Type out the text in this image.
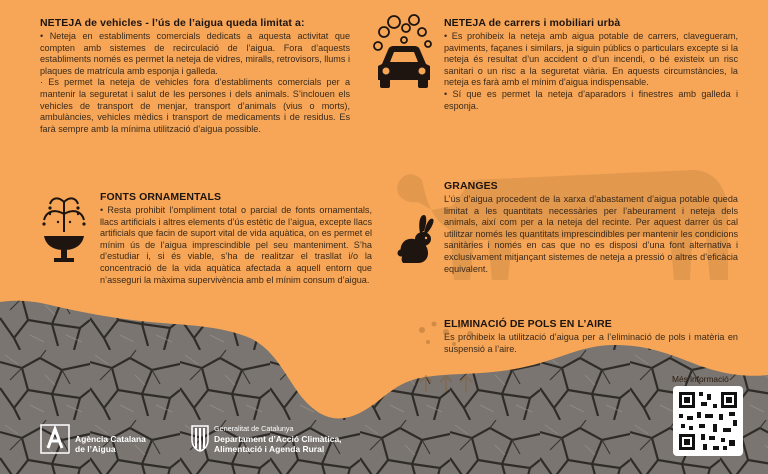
NETEJA de vehicles - l’ús de l’aigua queda limitat a:

• Neteja en establiments comercials dedicats a aquesta activitat que compten amb sistemes de recirculació de l’aigua. Fora d’aquests establiments només es permet la neteja de vidres, miralls, retrovisors, llums i plaques de matrícula amb esponja i galleda.

· Es permet la neteja de vehicles fora d’establiments comercials per a mantenir la seguretat i salut de les persones i dels animals. S’inclouen els vehicles de transport de menjar, transport d’animals (vius o morts), ambulàncies, vehicles mèdics i transport de medicaments i de residus. Es farà sempre amb la mínima utilització d’aigua possible.

FONTS ORNAMENTALS

• Resta prohibit l’ompliment total o parcial de fonts ornamentals, llacs artificials i altres elements d’ús estètic de l’aigua, excepte llacs artificials que facin de suport vital de vida aquàtica, on es permet el mínim ús de l’aigua imprescindible pel seu manteniment. S’ha d’estudiar i, si és viable, s’ha de realitzar el trasllat i/o la concentració de la vida aquàtica afectada a aquell entorn que n’asseguri la màxima supervivència amb el mínim consum d’aigua.

NETEJA de carrers i mobiliari urbà

• Es prohibeix la neteja amb aigua potable de carrers, clavegueram, paviments, façanes i similars, ja siguin públics o particulars excepte si la neteja és resultat d’un accident o d’un incendi, o bé existeix un risc sanitari o un risc a la seguretat viària. En aquests circumstàncies, la neteja es farà amb el mínim d’aigua indispensable.

• Sí que es permet la neteja d’aparadors i finestres amb galleda i esponja.

GRANGES

L’ús d’aigua procedent de la xarxa d’abastament d’aigua potable queda limitat a les quantitats necessàries per l’abeurament i neteja dels animals, així com per a la neteja del recinte. Per aquest darrer ús cal utilitzar només les quantitats imprescindibles per mantenir les condicions sanitàries i només en cas que no es disposi d’una font alternativa i exclusivament mitjançant sistemes de neteja a pressió o altres d’eficàcia equivalent.

ELIMINACIÓ DE POLS EN L’AIRE

Es prohibeix la utilització d’aigua per a l’eliminació de pols i matèria en suspensió a l’aire.

Agència Catalana
de l’Aigua
Generalitat de Catalunya
Departament d’Acció Climàtica,
Alimentació i Agenda Rural
Més informació
